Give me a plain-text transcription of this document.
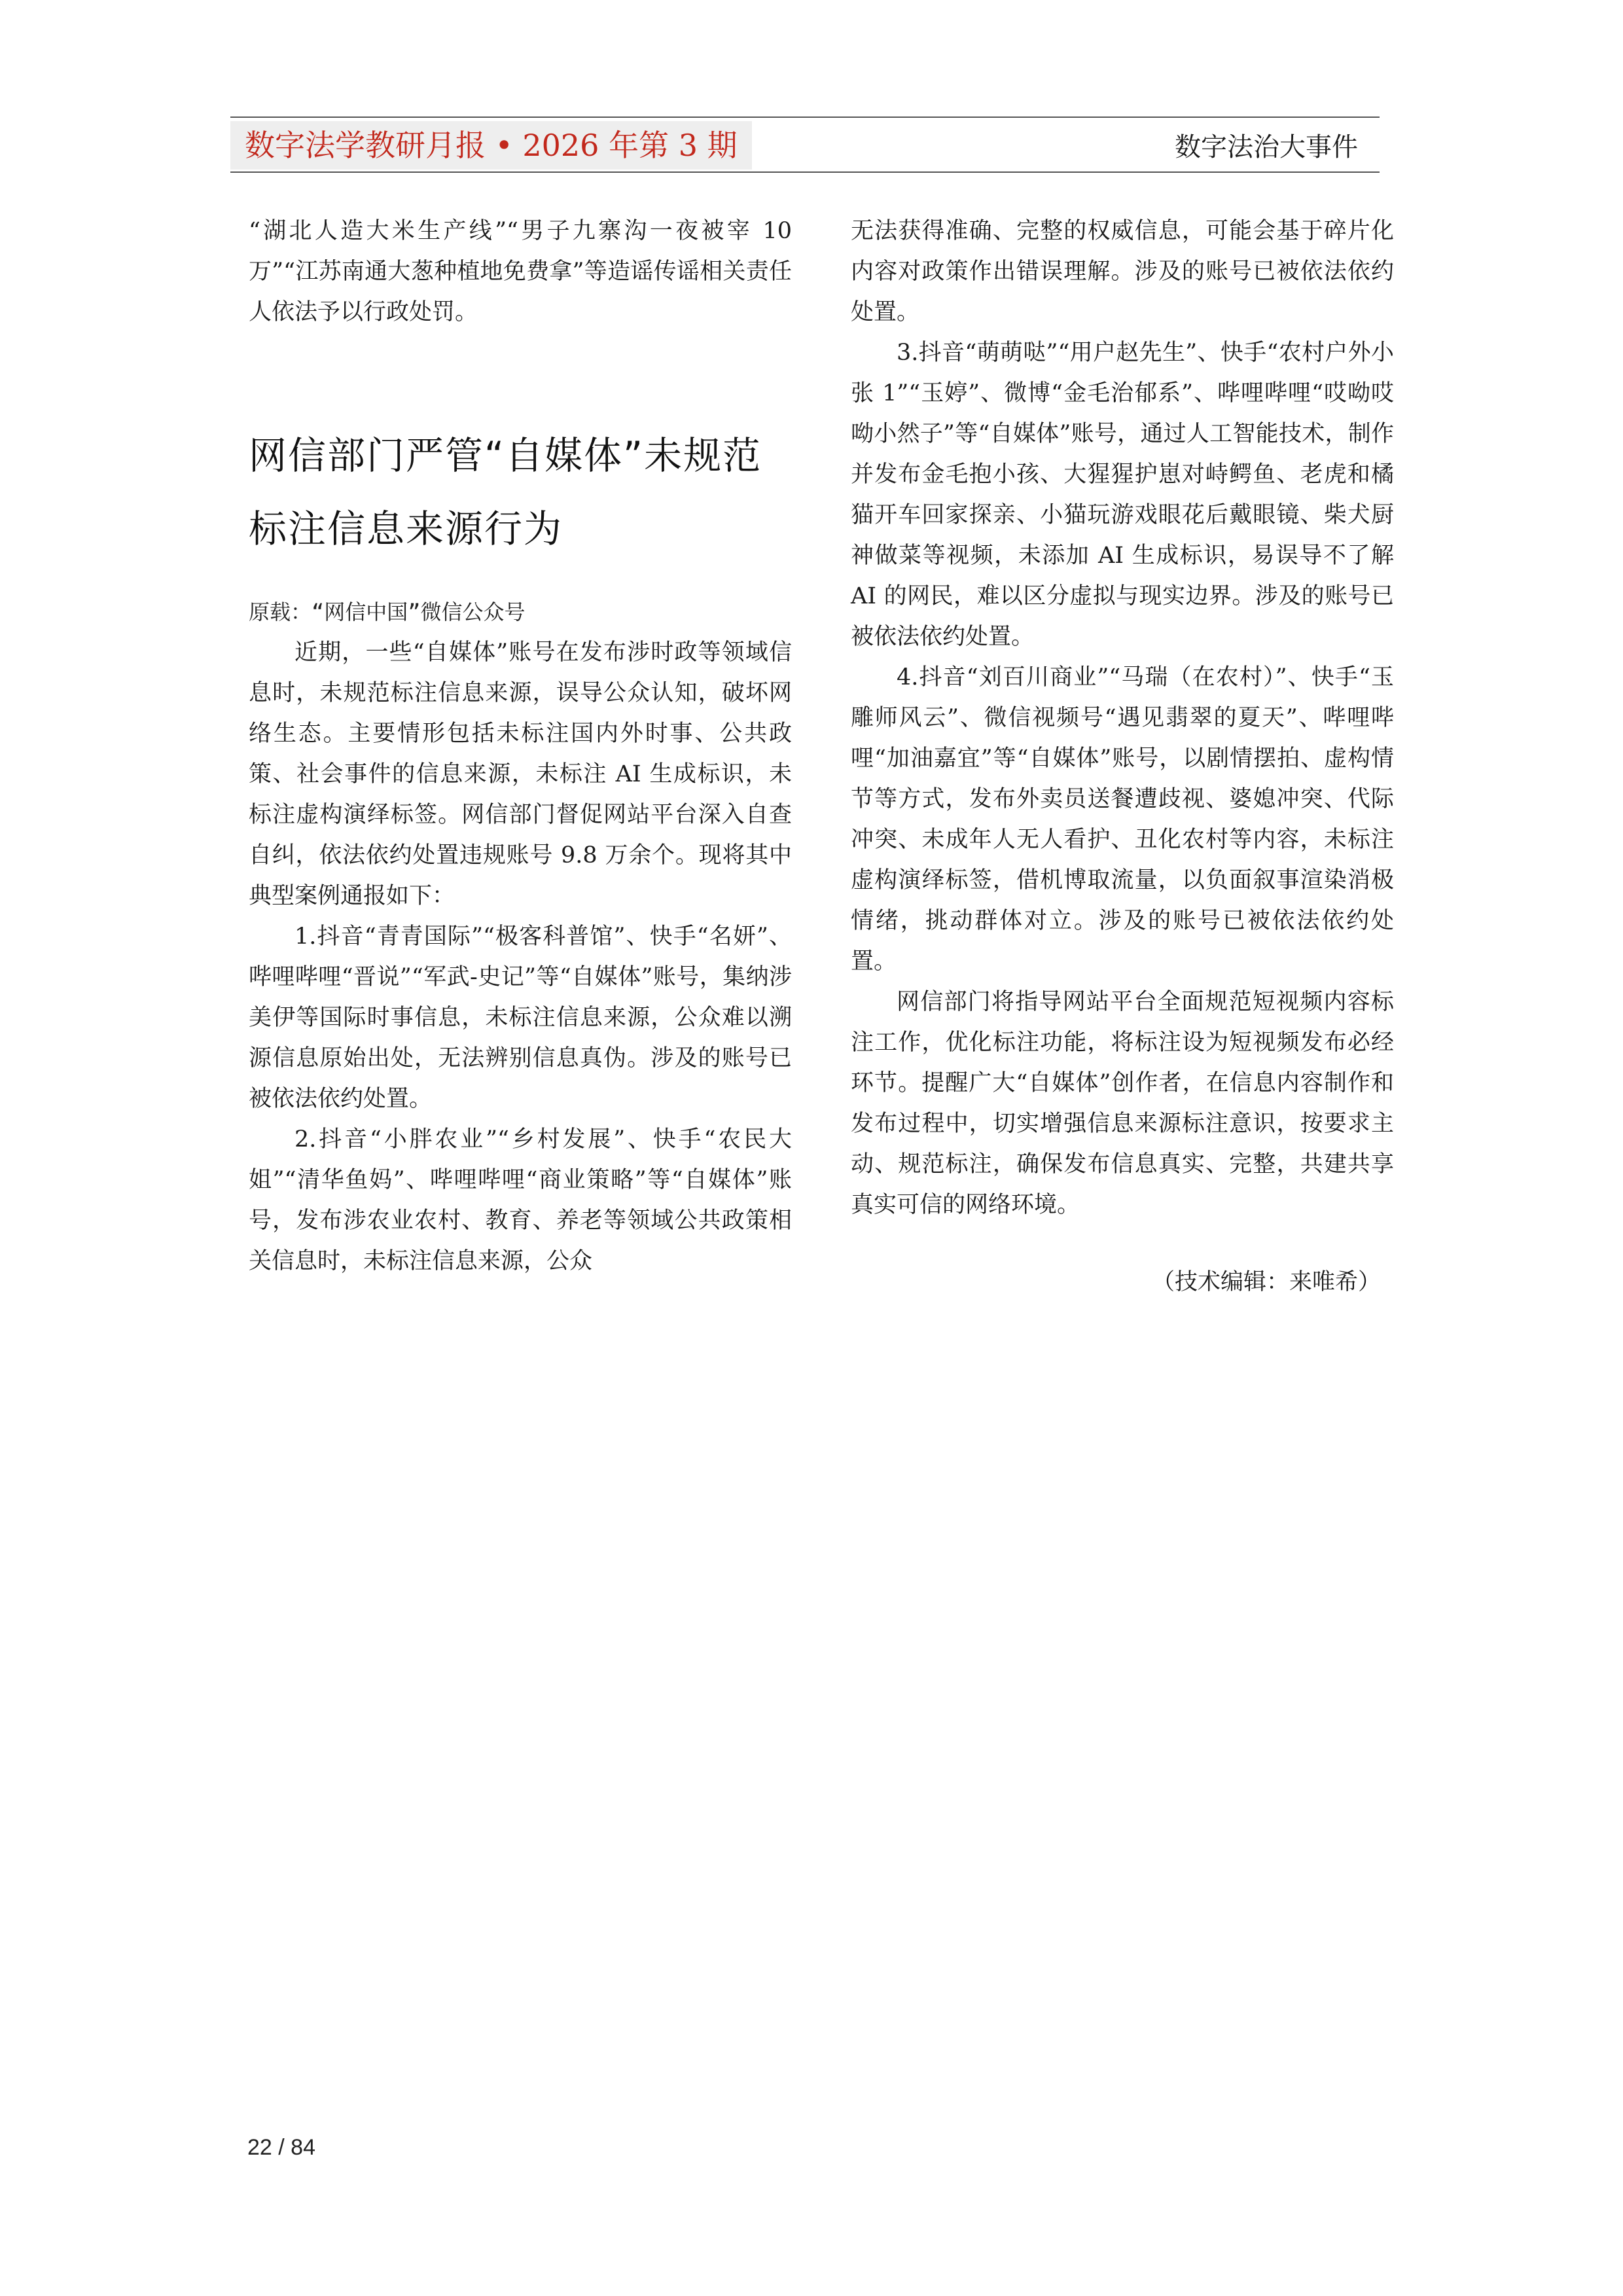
数字法学教研月报 • 2026 年第 3 期	数字法治大事件

“湖北人造大米生产线”“男子九寨沟一夜被宰 10 万”“江苏南通大葱种植地免费拿”等造谣传谣相关责任人依法予以行政处罚。

网信部门严管“自媒体”未规范标注信息来源行为
原载：“网信中国”微信公众号

近期，一些“自媒体”账号在发布涉时政等领域信息时，未规范标注信息来源，误导公众认知，破坏网络生态。主要情形包括未标注国内外时事、公共政策、社会事件的信息来源，未标注 AI 生成标识，未标注虚构演绎标签。网信部门督促网站平台深入自查自纠，依法依约处置违规账号 9.8 万余个。现将其中典型案例通报如下：

1.抖音“青青国际”“极客科普馆”、快手“名妍”、哔哩哔哩“晋说”“军武-史记”等“自媒体”账号，集纳涉美伊等国际时事信息，未标注信息来源，公众难以溯源信息原始出处，无法辨别信息真伪。涉及的账号已被依法依约处置。

2.抖音“小胖农业”“乡村发展”、快手“农民大姐”“清华鱼妈”、哔哩哔哩“商业策略”等“自媒体”账号，发布涉农业农村、教育、养老等领域公共政策相关信息时，未标注信息来源，公众

无法获得准确、完整的权威信息，可能会基于碎片化内容对政策作出错误理解。涉及的账号已被依法依约处置。

3.抖音“萌萌哒”“用户赵先生”、快手“农村户外小张 1”“玉婷”、微博“金毛治郁系”、哔哩哔哩“哎呦哎呦小然子”等“自媒体”账号，通过人工智能技术，制作并发布金毛抱小孩、大猩猩护崽对峙鳄鱼、老虎和橘猫开车回家探亲、小猫玩游戏眼花后戴眼镜、柴犬厨神做菜等视频，未添加 AI 生成标识，易误导不了解 AI 的网民，难以区分虚拟与现实边界。涉及的账号已被依法依约处置。

4.抖音“刘百川商业”“马瑞（在农村）”、快手“玉雕师风云”、微信视频号“遇见翡翠的夏天”、哔哩哔哩“加油嘉宜”等“自媒体”账号，以剧情摆拍、虚构情节等方式，发布外卖员送餐遭歧视、婆媳冲突、代际冲突、未成年人无人看护、丑化农村等内容，未标注虚构演绎标签，借机博取流量，以负面叙事渲染消极情绪，挑动群体对立。涉及的账号已被依法依约处置。

网信部门将指导网站平台全面规范短视频内容标注工作，优化标注功能，将标注设为短视频发布必经环节。提醒广大“自媒体”创作者，在信息内容制作和发布过程中，切实增强信息来源标注意识，按要求主动、规范标注，确保发布信息真实、完整，共建共享真实可信的网络环境。

（技术编辑：来唯希）
22 / 84
